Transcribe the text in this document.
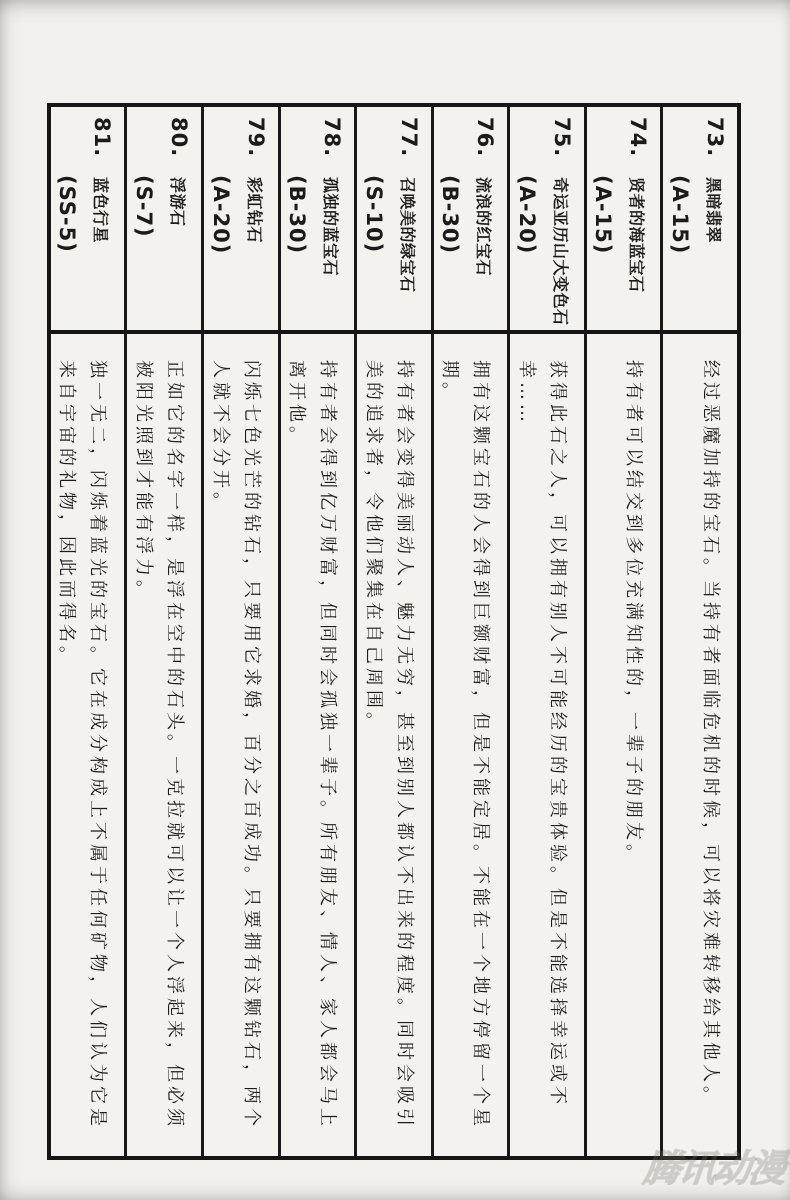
73.黑暗翡翠
(A-15)
经过恶魔加持的宝石。当持有者面临危机的时候，可以将灾难转移给其他人。
74.贤者的海蓝宝石
(A-15)
持有者可以结交到多位充满知性的，一辈子的朋友。
75.奇运亚历山大变色石
(A-20)
获得此石之人，可以拥有别人不可能经历的宝贵体验。但是不能选择幸运或不幸……
76.流浪的红宝石
(B-30)
拥有这颗宝石的人会得到巨额财富，但是不能定居。不能在一个地方停留一个星期。
77.召唤美的绿宝石
(S-10)
持有者会变得美丽动人、魅力无穷，甚至到别人都认不出来的程度。同时会吸引美的追求者，令他们聚集在自己周围。
78.孤独的蓝宝石
(B-30)
持有者会得到亿万财富，但同时会孤独一辈子。所有朋友、情人、家人都会马上离开他。
79.彩虹钻石
(A-20)
闪烁七色光芒的钻石，只要用它求婚，百分之百成功。只要拥有这颗钻石，两个人就不会分开。
80.浮游石
(S-7)
正如它的名字一样，是浮在空中的石头。一克拉就可以让一个人浮起来，但必须被阳光照到才能有浮力。
81.蓝色行星
(SS-5)
独一无二，闪烁着蓝光的宝石。它在成分构成上不属于任何矿物，人们认为它是来自宇宙的礼物，因此而得名。
腾讯动漫
